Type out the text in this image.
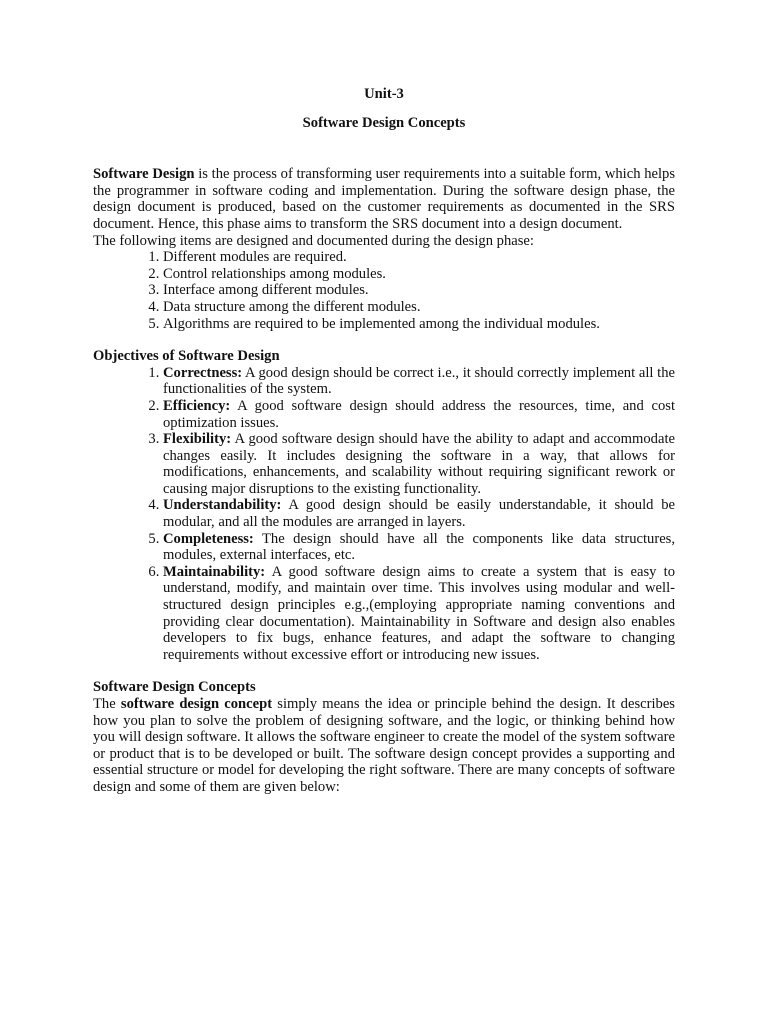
Unit-3
Software Design Concepts

Software Design is the process of transforming user requirements into a suitable form, which helps the programmer in software coding and implementation. During the software design phase, the design document is produced, based on the customer requirements as documented in the SRS document. Hence, this phase aims to transform the SRS document into a design document.

The following items are designed and documented during the design phase:

1. Different modules are required.
2. Control relationships among modules.
3. Interface among different modules.
4. Data structure among the different modules.
5. Algorithms are required to be implemented among the individual modules.
Objectives of Software Design
1. Correctness: A good design should be correct i.e., it should correctly implement all the functionalities of the system.
2. Efficiency: A good software design should address the resources, time, and cost optimization issues.
3. Flexibility: A good software design should have the ability to adapt and accommodate changes easily. It includes designing the software in a way, that allows for modifications, enhancements, and scalability without requiring significant rework or causing major disruptions to the existing functionality.
4. Understandability: A good design should be easily understandable, it should be modular, and all the modules are arranged in layers.
5. Completeness: The design should have all the components like data structures, modules, external interfaces, etc.
6. Maintainability: A good software design aims to create a system that is easy to understand, modify, and maintain over time. This involves using modular and well-structured design principles e.g.,(employing appropriate naming conventions and providing clear documentation). Maintainability in Software and design also enables developers to fix bugs, enhance features, and adapt the software to changing requirements without excessive effort or introducing new issues.
Software Design Concepts

The software design concept simply means the idea or principle behind the design. It describes how you plan to solve the problem of designing software, and the logic, or thinking behind how you will design software. It allows the software engineer to create the model of the system software or product that is to be developed or built. The software design concept provides a supporting and essential structure or model for developing the right software. There are many concepts of software design and some of them are given below:
